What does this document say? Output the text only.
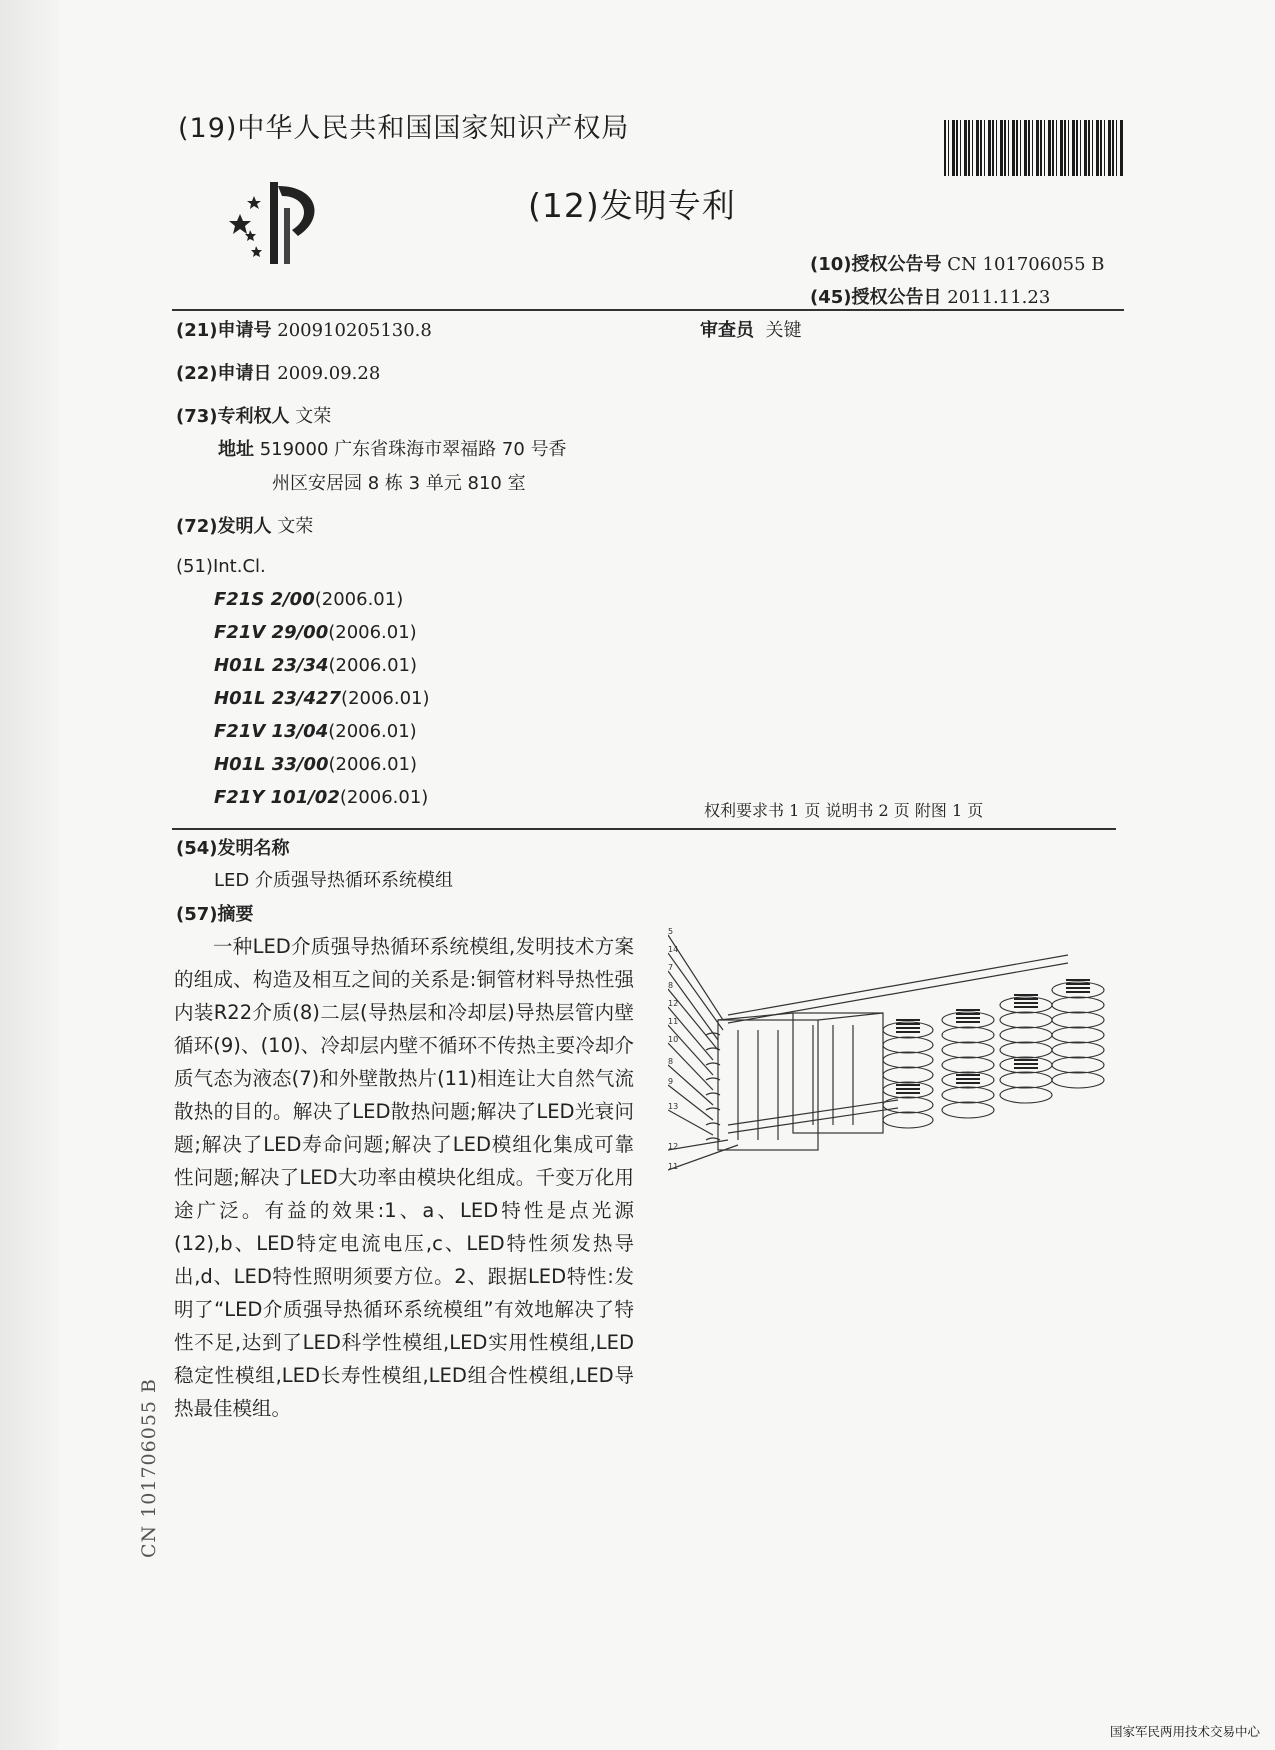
(19)中华人民共和国国家知识产权局
(12)发明专利
(10)授权公告号 CN 101706055 B
(45)授权公告日 2011.11.23
(21)申请号 200910205130.8	审查员 关键
(22)申请日 2009.09.28
(73)专利权人 文荣
地址 519000 广东省珠海市翠福路 70 号香
州区安居园 8 栋 3 单元 810 室
(72)发明人 文荣
(51)Int.Cl.
F21S 2/00(2006.01)
F21V 29/00(2006.01)
H01L 23/34(2006.01)
H01L 23/427(2006.01)
F21V 13/04(2006.01)
H01L 33/00(2006.01)
F21Y 101/02(2006.01)
权利要求书 1 页 说明书 2 页 附图 1 页
(54)发明名称
LED 介质强导热循环系统模组
(57)摘要

一种LED介质强导热循环系统模组,发明技术方案的组成、构造及相互之间的关系是:铜管材料导热性强内装R22介质(8)二层(导热层和冷却层)导热层管内壁循环(9)、(10)、冷却层内壁不循环不传热主要冷却介质气态为液态(7)和外壁散热片(11)相连让大自然气流散热的目的。解决了LED散热问题;解决了LED光衰问题;解决了LED寿命问题;解决了LED模组化集成可靠性问题;解决了LED大功率由模块化组成。千变万化用途广泛。有益的效果:1、a、LED特性是点光源(12),b、LED特定电流电压,c、LED特性须发热导出,d、LED特性照明须要方位。2、跟据LED特性:发明了“LED介质强导热循环系统模组”有效地解决了特性不足,达到了LED科学性模组,LED实用性模组,LED稳定性模组,LED长寿性模组,LED组合性模组,LED导热最佳模组。

5
14
7
8
12
11
10
8
9
13
12
11
CN 101706055 B
国家军民两用技术交易中心
